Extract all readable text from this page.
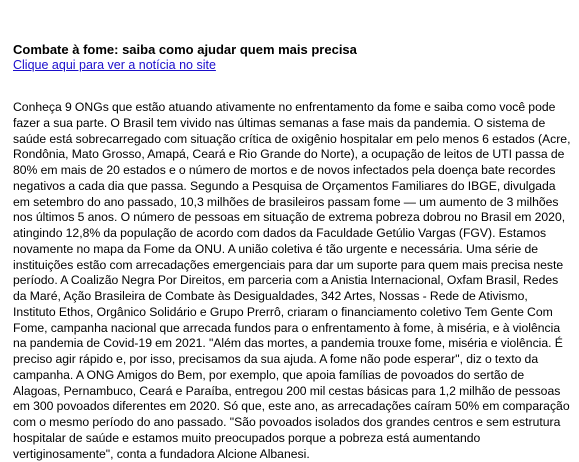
Combate à fome: saiba como ajudar quem mais precisa
Clique aqui para ver a notícia no site

Conheça 9 ONGs que estão atuando ativamente no enfrentamento da fome e saiba como você pode fazer a sua parte. O Brasil tem vivido nas últimas semanas a fase mais da pandemia. O sistema de saúde está sobrecarregado com situação crítica de oxigênio hospitalar em pelo menos 6 estados (Acre, Rondônia, Mato Grosso, Amapá, Ceará e Rio Grande do Norte), a ocupação de leitos de UTI passa de 80% em mais de 20 estados e o número de mortos e de novos infectados pela doença bate recordes negativos a cada dia que passa. Segundo a Pesquisa de Orçamentos Familiares do IBGE, divulgada em setembro do ano passado, 10,3 milhões de brasileiros passam fome — um aumento de 3 milhões nos últimos 5 anos. O número de pessoas em situação de extrema pobreza dobrou no Brasil em 2020, atingindo 12,8% da população de acordo com dados da Faculdade Getúlio Vargas (FGV). Estamos novamente no mapa da Fome da ONU. A união coletiva é tão urgente e necessária. Uma série de instituições estão com arrecadações emergenciais para dar um suporte para quem mais precisa neste período. A Coalizão Negra Por Direitos, em parceria com a Anistia Internacional, Oxfam Brasil, Redes da Maré, Ação Brasileira de Combate às Desigualdades, 342 Artes, Nossas - Rede de Ativismo, Instituto Ethos, Orgânico Solidário e Grupo Prerrô, criaram o financiamento coletivo Tem Gente Com Fome, campanha nacional que arrecada fundos para o enfrentamento à fome, à miséria, e à violência na pandemia de Covid-19 em 2021. "Além das mortes, a pandemia trouxe fome, miséria e violência. É preciso agir rápido e, por isso, precisamos da sua ajuda. A fome não pode esperar", diz o texto da campanha. A ONG Amigos do Bem, por exemplo, que apoia famílias de povoados do sertão de Alagoas, Pernambuco, Ceará e Paraíba, entregou 200 mil cestas básicas para 1,2 milhão de pessoas em 300 povoados diferentes em 2020. Só que, este ano, as arrecadações caíram 50% em comparação com o mesmo período do ano passado. "São povoados isolados dos grandes centros e sem estrutura hospitalar de saúde e estamos muito preocupados porque a pobreza está aumentando vertiginosamente", conta a fundadora Alcione Albanesi.
